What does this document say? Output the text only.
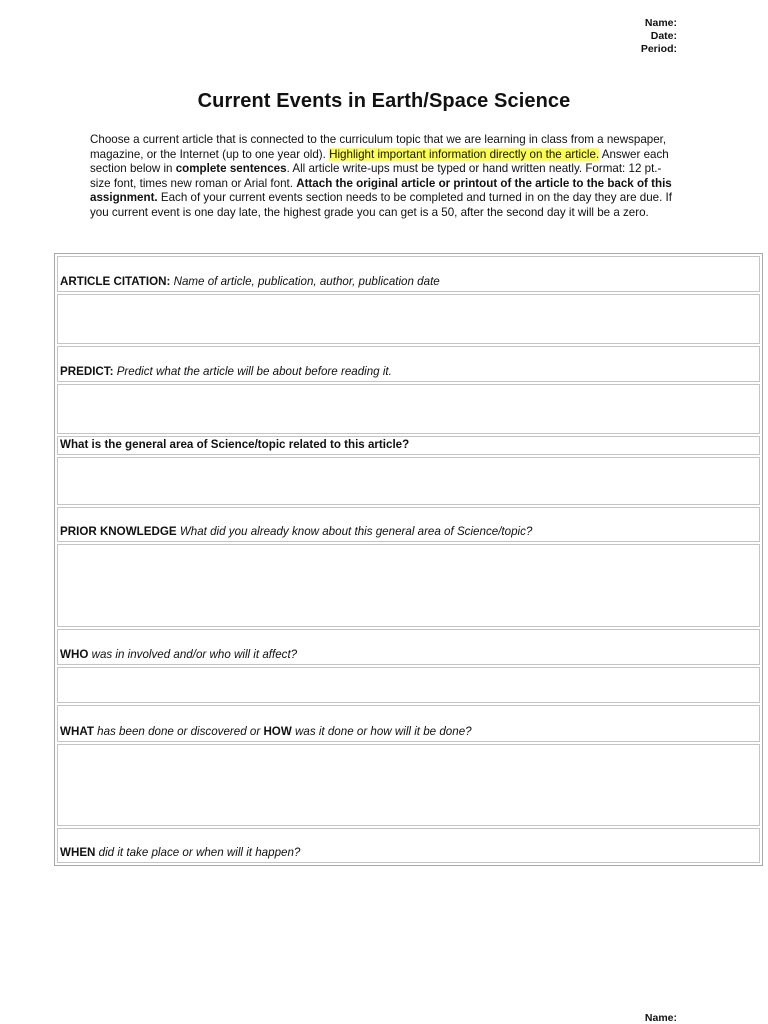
Name:
Date:
Period:
Current Events in Earth/Space Science
Choose a current article that is connected to the curriculum topic that we are learning in class from a newspaper, magazine, or the Internet (up to one year old). Highlight important information directly on the article. Answer each section below in complete sentences. All article write-ups must be typed or hand written neatly. Format: 12 pt.- size font, times new roman or Arial font. Attach the original article or printout of the article to the back of this assignment. Each of your current events section needs to be completed and turned in on the day they are due. If you current event is one day late, the highest grade you can get is a 50, after the second day it will be a zero.
ARTICLE CITATION: Name of article, publication, author, publication date
PREDICT: Predict what the article will be about before reading it.
What is the general area of Science/topic related to this article?
PRIOR KNOWLEDGE What did you already know about this general area of Science/topic?
WHO was in involved and/or who will it affect?
WHAT has been done or discovered or HOW was it done or how will it be done?
WHEN did it take place or when will it happen?
Name:
